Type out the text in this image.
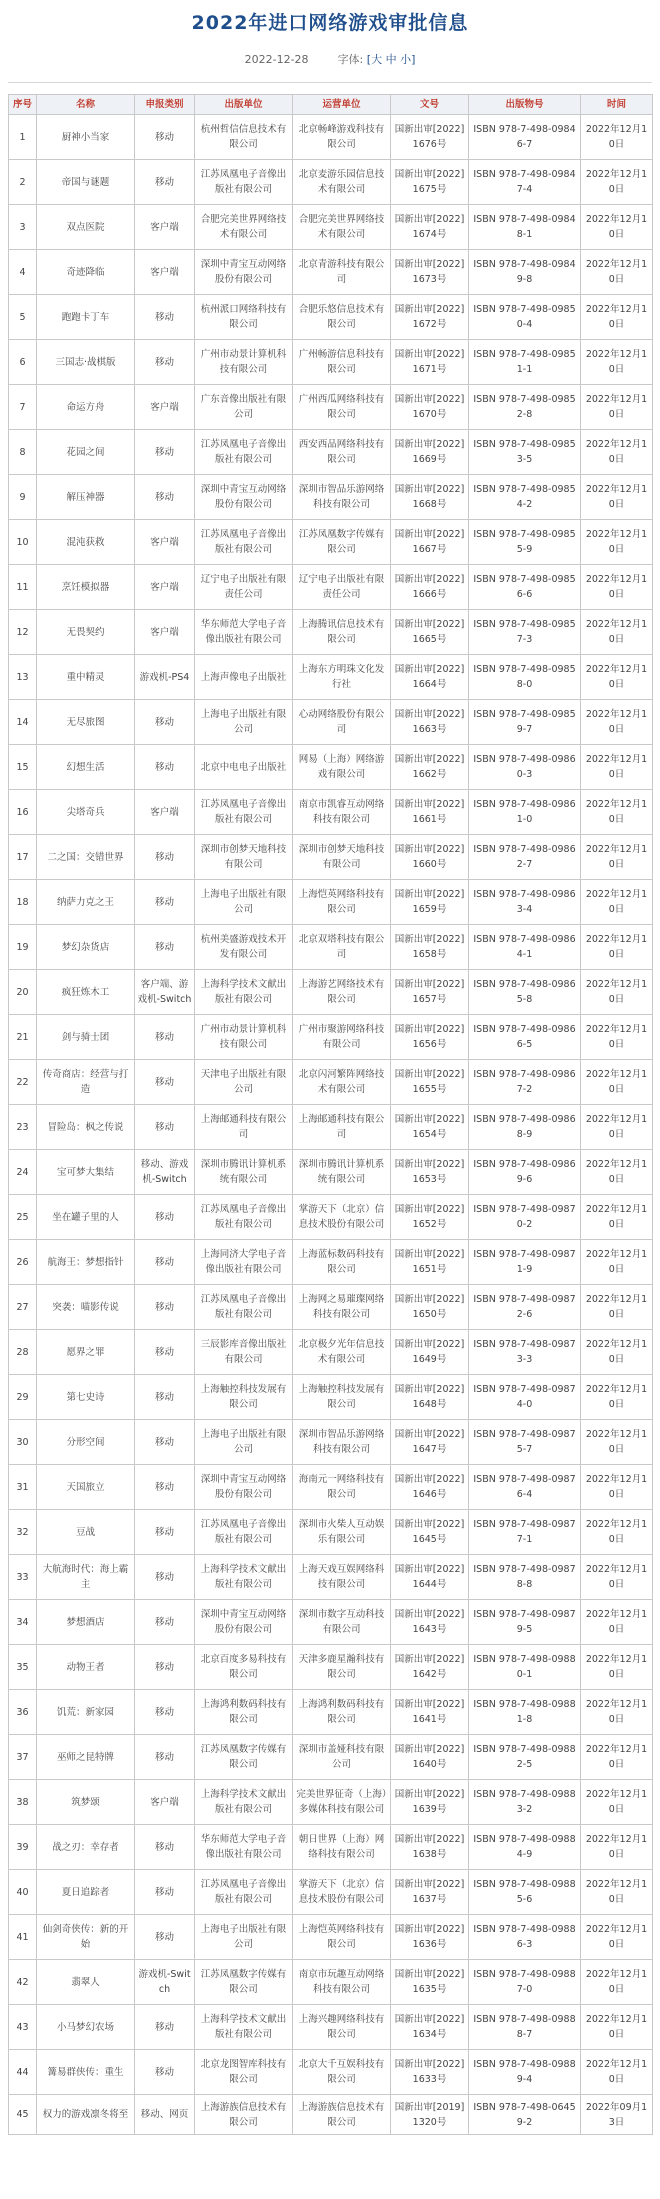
2022年进口网络游戏审批信息
2022-12-28	字体: [大 中 小]
序号	名称	申报类别	出版单位	运营单位	文号	出版物号	时间
1	厨神小当家	移动	杭州哲信信息技术有限公司	北京畅峰游戏科技有限公司	国新出审[2022]1676号	ISBN 978-7-498-09846-7	2022年12月10日
2	帝国与谜题	移动	江苏凤凰电子音像出版社有限公司	北京麦游乐园信息技术有限公司	国新出审[2022]1675号	ISBN 978-7-498-09847-4	2022年12月10日
3	双点医院	客户端	合肥完美世界网络技术有限公司	合肥完美世界网络技术有限公司	国新出审[2022]1674号	ISBN 978-7-498-09848-1	2022年12月10日
4	奇迹降临	客户端	深圳中青宝互动网络股份有限公司	北京青游科技有限公司	国新出审[2022]1673号	ISBN 978-7-498-09849-8	2022年12月10日
5	跑跑卡丁车	移动	杭州派口网络科技有限公司	合肥乐悠信息技术有限公司	国新出审[2022]1672号	ISBN 978-7-498-09850-4	2022年12月10日
6	三国志·战棋版	移动	广州市动景计算机科技有限公司	广州畅游信息科技有限公司	国新出审[2022]1671号	ISBN 978-7-498-09851-1	2022年12月10日
7	命运方舟	客户端	广东音像出版社有限公司	广州西瓜网络科技有限公司	国新出审[2022]1670号	ISBN 978-7-498-09852-8	2022年12月10日
8	花园之间	移动	江苏凤凰电子音像出版社有限公司	西安西品网络科技有限公司	国新出审[2022]1669号	ISBN 978-7-498-09853-5	2022年12月10日
9	解压神器	移动	深圳中青宝互动网络股份有限公司	深圳市智品乐游网络科技有限公司	国新出审[2022]1668号	ISBN 978-7-498-09854-2	2022年12月10日
10	混沌获救	客户端	江苏凤凰电子音像出版社有限公司	江苏凤凰数字传媒有限公司	国新出审[2022]1667号	ISBN 978-7-498-09855-9	2022年12月10日
11	烹饪模拟器	客户端	辽宁电子出版社有限责任公司	辽宁电子出版社有限责任公司	国新出审[2022]1666号	ISBN 978-7-498-09856-6	2022年12月10日
12	无畏契约	客户端	华东师范大学电子音像出版社有限公司	上海腾讯信息技术有限公司	国新出审[2022]1665号	ISBN 978-7-498-09857-3	2022年12月10日
13	重中精灵	游戏机-PS4	上海声像电子出版社	上海东方明珠文化发行社	国新出审[2022]1664号	ISBN 978-7-498-09858-0	2022年12月10日
14	无尽旅图	移动	上海电子出版社有限公司	心动网络股份有限公司	国新出审[2022]1663号	ISBN 978-7-498-09859-7	2022年12月10日
15	幻想生活	移动	北京中电电子出版社	网易（上海）网络游戏有限公司	国新出审[2022]1662号	ISBN 978-7-498-09860-3	2022年12月10日
16	尖塔奇兵	客户端	江苏凤凰电子音像出版社有限公司	南京市凯睿互动网络科技有限公司	国新出审[2022]1661号	ISBN 978-7-498-09861-0	2022年12月10日
17	二之国：交错世界	移动	深圳市创梦天地科技有限公司	深圳市创梦天地科技有限公司	国新出审[2022]1660号	ISBN 978-7-498-09862-7	2022年12月10日
18	纳萨力克之王	移动	上海电子出版社有限公司	上海恺英网络科技有限公司	国新出审[2022]1659号	ISBN 978-7-498-09863-4	2022年12月10日
19	梦幻杂货店	移动	杭州美盛游戏技术开发有限公司	北京双塔科技有限公司	国新出审[2022]1658号	ISBN 978-7-498-09864-1	2022年12月10日
20	疯狂炼木工	客户端、游戏机-Switch	上海科学技术文献出版社有限公司	上海游艺网络技术有限公司	国新出审[2022]1657号	ISBN 978-7-498-09865-8	2022年12月10日
21	剑与骑士团	移动	广州市动景计算机科技有限公司	广州市聚游网络科技有限公司	国新出审[2022]1656号	ISBN 978-7-498-09866-5	2022年12月10日
22	传奇商店：经营与打造	移动	天津电子出版社有限公司	北京闪河繁阵网络技术有限公司	国新出审[2022]1655号	ISBN 978-7-498-09867-2	2022年12月10日
23	冒险岛：枫之传说	移动	上海邮通科技有限公司	上海邮通科技有限公司	国新出审[2022]1654号	ISBN 978-7-498-09868-9	2022年12月10日
24	宝可梦大集结	移动、游戏机-Switch	深圳市腾讯计算机系统有限公司	深圳市腾讯计算机系统有限公司	国新出审[2022]1653号	ISBN 978-7-498-09869-6	2022年12月10日
25	坐在罐子里的人	移动	江苏凤凰电子音像出版社有限公司	掌游天下（北京）信息技术股份有限公司	国新出审[2022]1652号	ISBN 978-7-498-09870-2	2022年12月10日
26	航海王：梦想指针	移动	上海同济大学电子音像出版社有限公司	上海蓝标数码科技有限公司	国新出审[2022]1651号	ISBN 978-7-498-09871-9	2022年12月10日
27	突袭：喵影传说	移动	江苏凤凰电子音像出版社有限公司	上海网之易璀璨网络科技有限公司	国新出审[2022]1650号	ISBN 978-7-498-09872-6	2022年12月10日
28	愿界之罪	移动	三辰影库音像出版社有限公司	北京极夕光年信息技术有限公司	国新出审[2022]1649号	ISBN 978-7-498-09873-3	2022年12月10日
29	第七史诗	移动	上海触控科技发展有限公司	上海触控科技发展有限公司	国新出审[2022]1648号	ISBN 978-7-498-09874-0	2022年12月10日
30	分形空间	移动	上海电子出版社有限公司	深圳市智品乐游网络科技有限公司	国新出审[2022]1647号	ISBN 978-7-498-09875-7	2022年12月10日
31	天国旅立	移动	深圳中青宝互动网络股份有限公司	海南元一网络科技有限公司	国新出审[2022]1646号	ISBN 978-7-498-09876-4	2022年12月10日
32	豆战	移动	江苏凤凰电子音像出版社有限公司	深圳市火柴人互动娱乐有限公司	国新出审[2022]1645号	ISBN 978-7-498-09877-1	2022年12月10日
33	大航海时代：海上霸主	移动	上海科学技术文献出版社有限公司	上海天戏互娱网络科技有限公司	国新出审[2022]1644号	ISBN 978-7-498-09878-8	2022年12月10日
34	梦想酒店	移动	深圳中青宝互动网络股份有限公司	深圳市数字互动科技有限公司	国新出审[2022]1643号	ISBN 978-7-498-09879-5	2022年12月10日
35	动物王者	移动	北京百度多易科技有限公司	天津多鹿星瀚科技有限公司	国新出审[2022]1642号	ISBN 978-7-498-09880-1	2022年12月10日
36	饥荒：新家园	移动	上海鸿利数码科技有限公司	上海鸿利数码科技有限公司	国新出审[2022]1641号	ISBN 978-7-498-09881-8	2022年12月10日
37	巫师之昆特牌	移动	江苏凤凰数字传媒有限公司	深圳市盖娅科技有限公司	国新出审[2022]1640号	ISBN 978-7-498-09882-5	2022年12月10日
38	筑梦颂	客户端	上海科学技术文献出版社有限公司	完美世界征奇（上海）多媒体科技有限公司	国新出审[2022]1639号	ISBN 978-7-498-09883-2	2022年12月10日
39	战之刃：幸存者	移动	华东师范大学电子音像出版社有限公司	朝日世界（上海）网络科技有限公司	国新出审[2022]1638号	ISBN 978-7-498-09884-9	2022年12月10日
40	夏日追踪者	移动	江苏凤凰电子音像出版社有限公司	掌游天下（北京）信息技术股份有限公司	国新出审[2022]1637号	ISBN 978-7-498-09885-6	2022年12月10日
41	仙剑奇侠传：新的开始	移动	上海电子出版社有限公司	上海恺英网络科技有限公司	国新出审[2022]1636号	ISBN 978-7-498-09886-3	2022年12月10日
42	翡翠人	游戏机-Switch	江苏凤凰数字传媒有限公司	南京市玩趣互动网络科技有限公司	国新出审[2022]1635号	ISBN 978-7-498-09887-0	2022年12月10日
43	小马梦幻农场	移动	上海科学技术文献出版社有限公司	上海兴趣网络科技有限公司	国新出审[2022]1634号	ISBN 978-7-498-09888-7	2022年12月10日
44	篝易群侠传：重生	移动	北京龙图智库科技有限公司	北京大千互娱科技有限公司	国新出审[2022]1633号	ISBN 978-7-498-09889-4	2022年12月10日
45	权力的游戏凛冬将至	移动、网页	上海游族信息技术有限公司	上海游族信息技术有限公司	国新出审[2019]1320号	ISBN 978-7-498-06459-2	2022年09月13日
